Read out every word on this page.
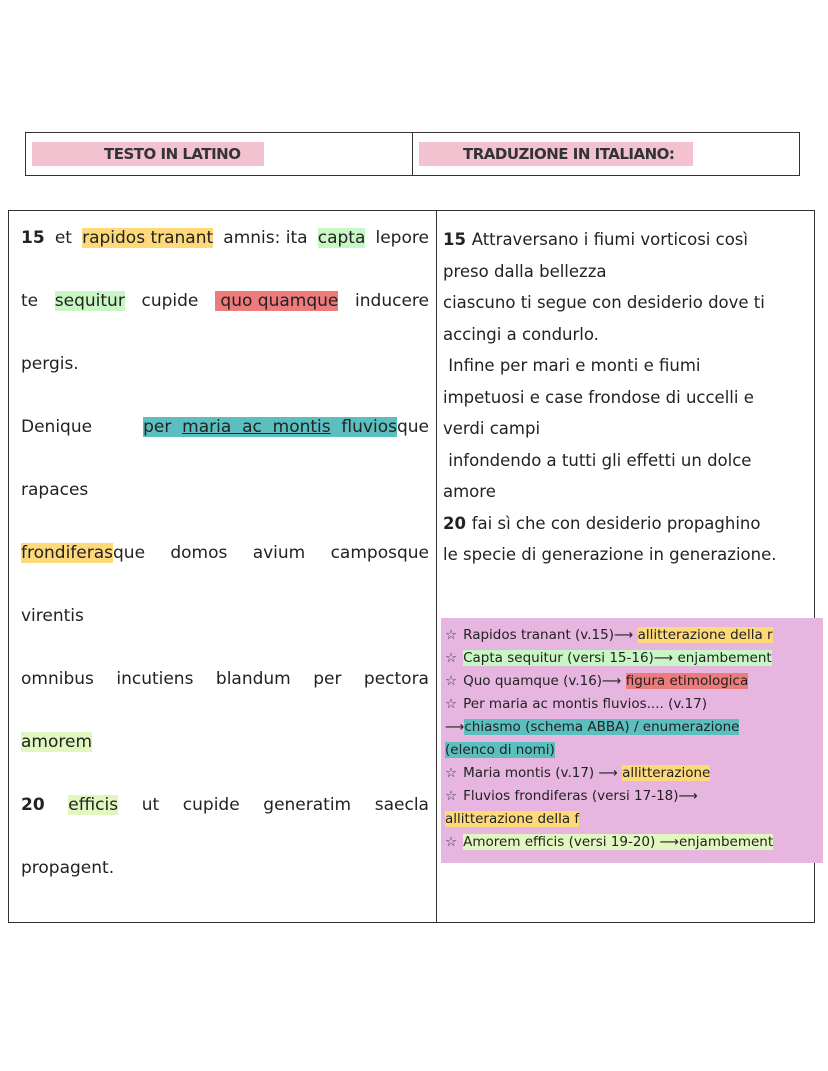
TESTO IN LATINO	TRADUZIONE IN ITALIANO:
15 et rapidos tranant amnis: ita capta lepore
te sequitur cupide quo quamque inducere
pergis.
Denique	per  maria  ac  montis  fluviosque
rapaces
frondiferasque domos avium camposque
virentis
omnibus incutiens blandum per pectora
amorem
20 efficis ut cupide generatim saecla
propagent.
15 Attraversano i fiumi vorticosi così
preso dalla bellezza
ciascuno ti segue con desiderio dove ti
accingi a condurlo.
Infine per mari e monti e fiumi
impetuosi e case frondose di uccelli e
verdi campi
infondendo a tutti gli effetti un dolce
amore
20 fai sì che con desiderio propaghino
le specie di generazione in generazione.
☆ Rapidos tranant (v.15)⟶ allitterazione della r
☆ Capta sequitur (versi 15-16)⟶ enjambement
☆ Quo quamque (v.16)⟶ figura etimologica
☆ Per maria ac montis fluvios.... (v.17)
⟶chiasmo (schema ABBA) / enumerazione
(elenco di nomi)
☆ Maria montis (v.17) ⟶ allitterazione
☆ Fluvios frondiferas (versi 17-18)⟶
allitterazione della f
☆ Amorem efficis (versi 19-20) ⟶enjambement
